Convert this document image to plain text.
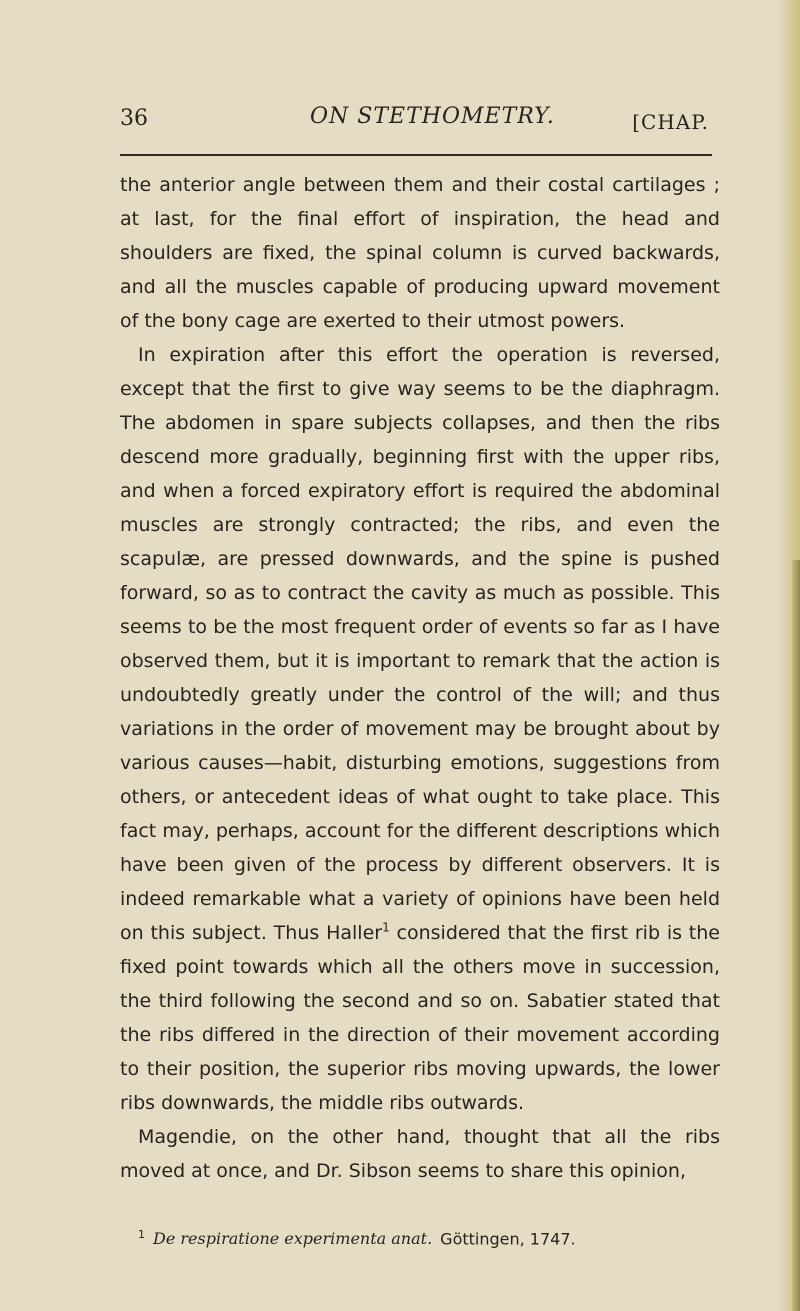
36	ON STETHOMETRY.	[CHAP.

the anterior angle between them and their costal cartilages ; at last, for the final effort of inspiration, the head and shoulders are fixed, the spinal column is curved backwards, and all the muscles capable of producing upward movement of the bony cage are exerted to their utmost powers.

In expiration after this effort the operation is reversed, except that the first to give way seems to be the diaphragm. The abdomen in spare subjects collapses, and then the ribs descend more gradually, beginning first with the upper ribs, and when a forced expiratory effort is required the abdominal muscles are strongly contracted; the ribs, and even the scapulæ, are pressed downwards, and the spine is pushed forward, so as to contract the cavity as much as possible. This seems to be the most frequent order of events so far as I have observed them, but it is important to remark that the action is undoubtedly greatly under the control of the will; and thus variations in the order of movement may be brought about by various causes—habit, disturbing emotions, suggestions from others, or antecedent ideas of what ought to take place. This fact may, perhaps, account for the different descriptions which have been given of the process by different observers. It is indeed remarkable what a variety of opinions have been held on this subject. Thus Haller$^1$ considered that the first rib is the fixed point towards which all the others move in succession, the third following the second and so on. Sabatier stated that the ribs differed in the direction of their movement according to their position, the superior ribs moving upwards, the lower ribs downwards, the middle ribs outwards.

Magendie, on the other hand, thought that all the ribs moved at once, and Dr. Sibson seems to share this opinion,

$^1$ De respiratione experimenta anat. Göttingen, 1747.
